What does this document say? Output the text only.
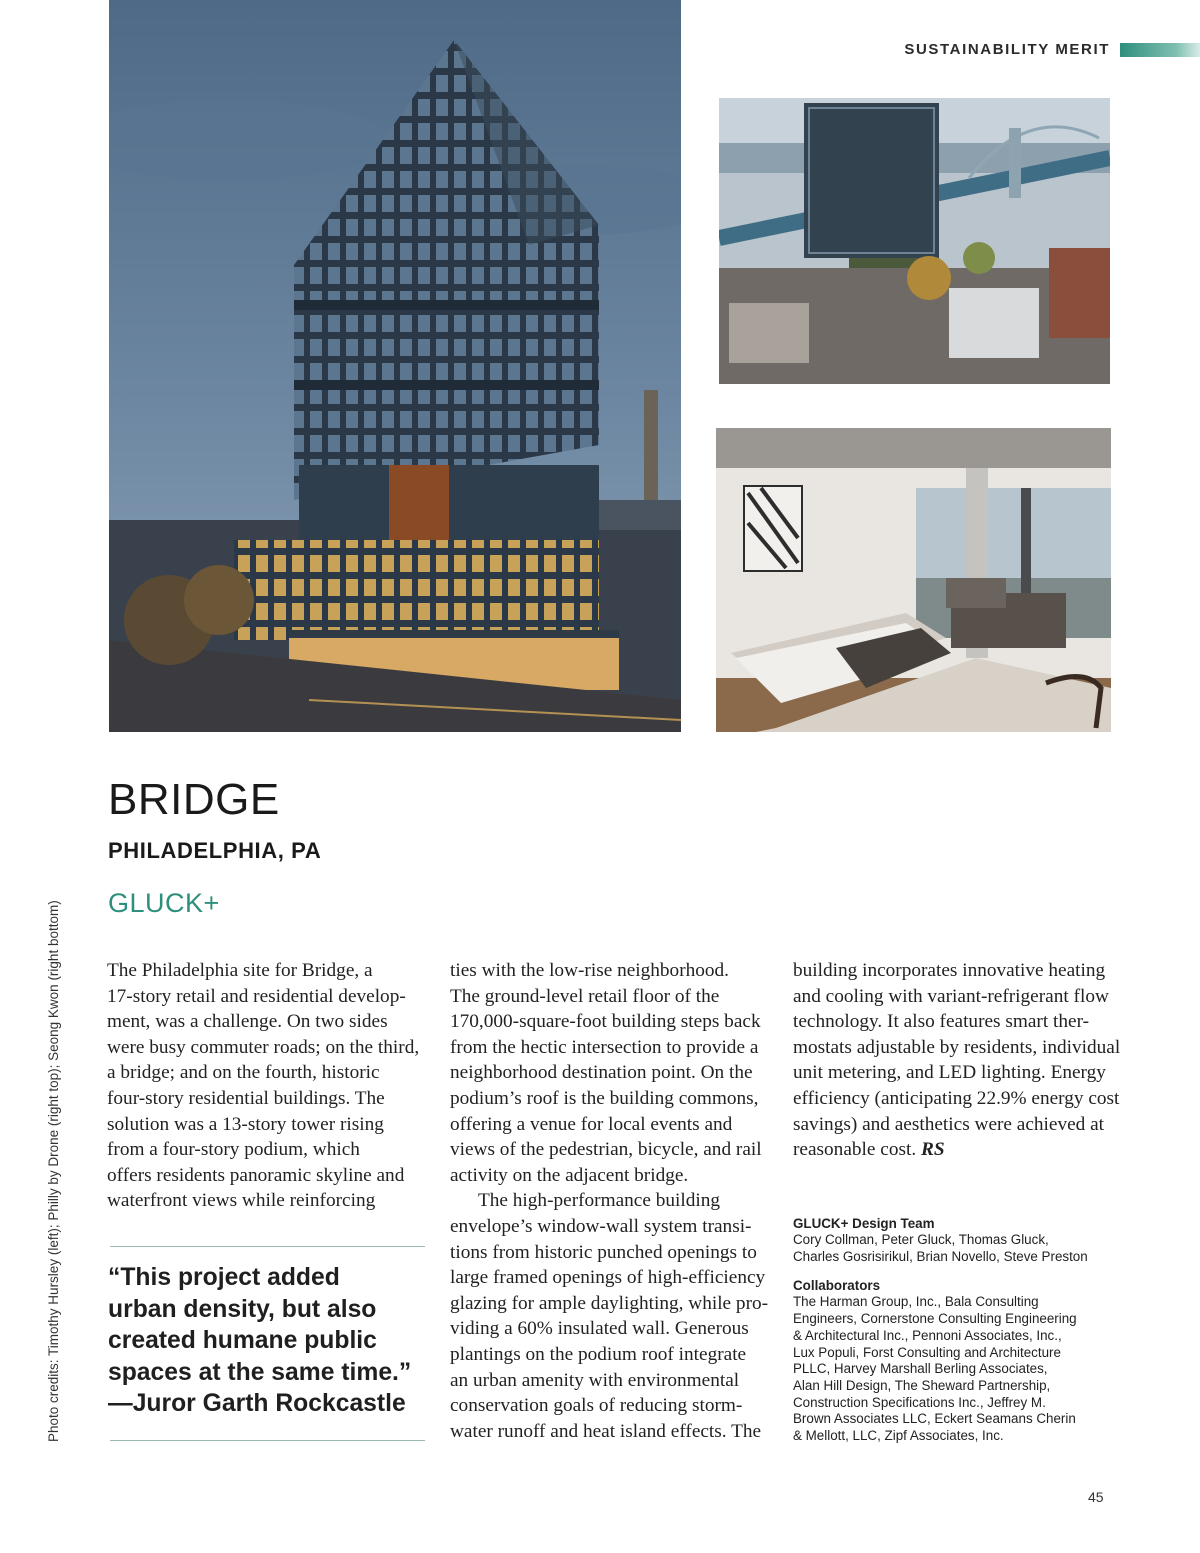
SUSTAINABILITY MERIT
Photo credits: Timothy Hursley (left); Philly by Drone (right top); Seong Kwon (right bottom)
BRIDGE
PHILADELPHIA, PA
GLUCK+

The Philadelphia site for Bridge, a
17-story retail and residential develop-
ment, was a challenge. On two sides
were busy commuter roads; on the third,
a bridge; and on the fourth, historic
four-story residential buildings. The
solution was a 13-story tower rising
from a four-story podium, which
offers residents panoramic skyline and
waterfront views while reinforcing

“This project added
urban density, but also
created humane public
spaces at the same time.”
—Juror Garth Rockcastle

ties with the low-rise neighborhood.
The ground-level retail floor of the
170,000-square-foot building steps back
from the hectic intersection to provide a
neighborhood destination point. On the
podium’s roof is the building commons,
offering a venue for local events and
views of the pedestrian, bicycle, and rail
activity on the adjacent bridge.

The high-performance building
envelope’s window-wall system transi-
tions from historic punched openings to
large framed openings of high-efficiency
glazing for ample daylighting, while pro-
viding a 60% insulated wall. Generous
plantings on the podium roof integrate
an urban amenity with environmental
conservation goals of reducing storm-
water runoff and heat island effects. The

building incorporates innovative heating
and cooling with variant-refrigerant flow
technology. It also features smart ther-
mostats adjustable by residents, individual
unit metering, and LED lighting. Energy
efficiency (anticipating 22.9% energy cost
savings) and aesthetics were achieved at
reasonable cost. RS

GLUCK+ Design Team
Cory Collman, Peter Gluck, Thomas Gluck,
Charles Gosrisirikul, Brian Novello, Steve Preston
Collaborators
The Harman Group, Inc., Bala Consulting
Engineers, Cornerstone Consulting Engineering
& Architectural Inc., Pennoni Associates, Inc.,
Lux Populi, Forst Consulting and Architecture
PLLC, Harvey Marshall Berling Associates,
Alan Hill Design, The Sheward Partnership,
Construction Specifications Inc., Jeffrey M.
Brown Associates LLC, Eckert Seamans Cherin
& Mellott, LLC, Zipf Associates, Inc.
45
